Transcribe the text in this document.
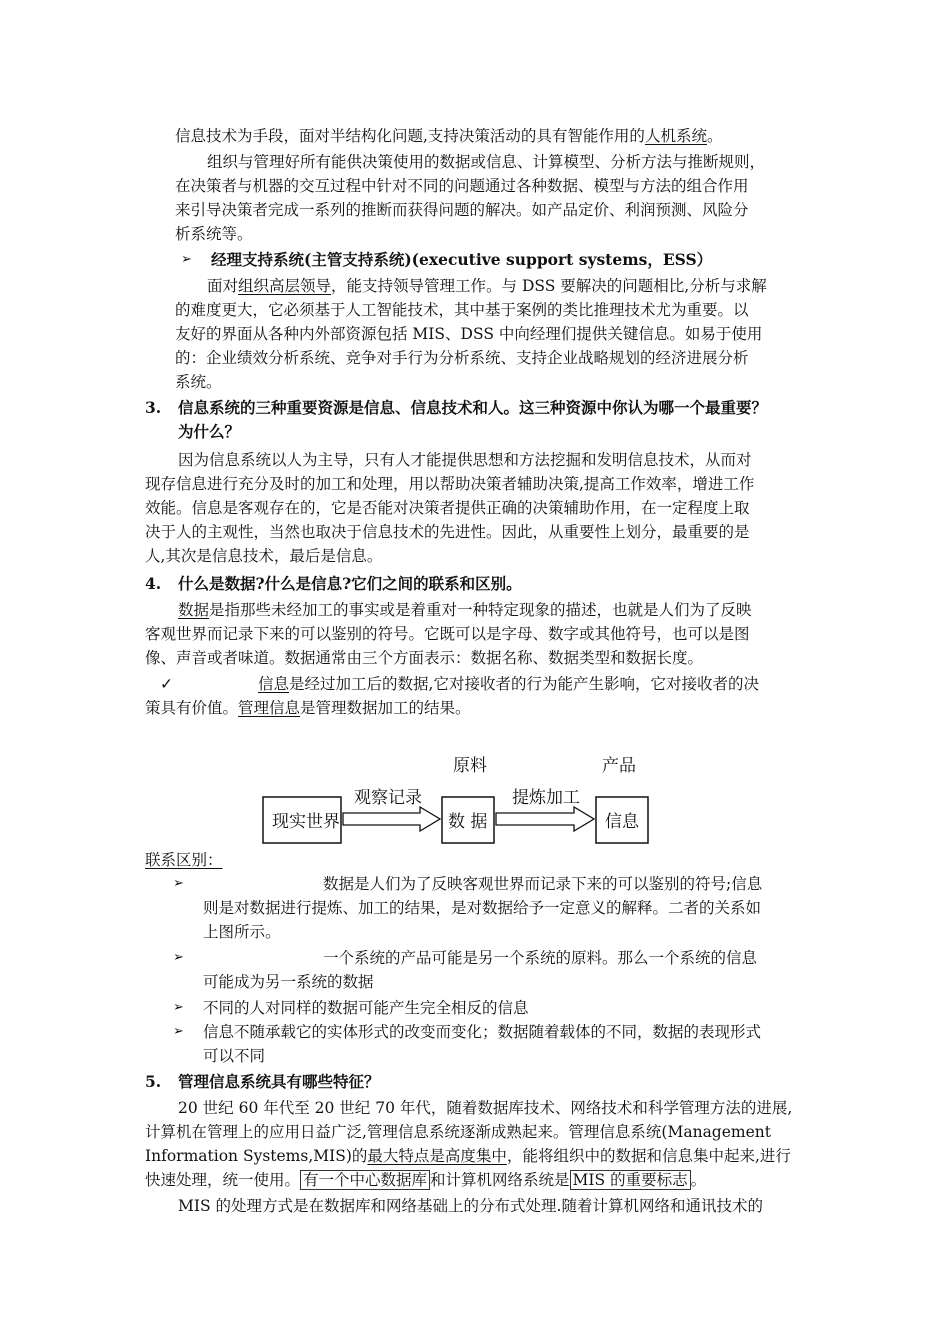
信息技术为手段，面对半结构化问题,支持决策活动的具有智能作用的人机系统。
组织与管理好所有能供决策使用的数据或信息、计算模型、分析方法与推断规则，
在决策者与机器的交互过程中针对不同的问题通过各种数据、模型与方法的组合作用
来引导决策者完成一系列的推断而获得问题的解决。如产品定价、利润预测、风险分
析系统等。
➢ 经理支持系统(主管支持系统)(executive support systems，ESS）
面对组织高层领导，能支持领导管理工作。与 DSS 要解决的问题相比,分析与求解
的难度更大，它必须基于人工智能技术，其中基于案例的类比推理技术尤为重要。以
友好的界面从各种内外部资源包括 MIS、DSS 中向经理们提供关键信息。如易于使用
的：企业绩效分析系统、竞争对手行为分析系统、支持企业战略规划的经济进展分析
系统。
3. 信息系统的三种重要资源是信息、信息技术和人。这三种资源中你认为哪一个最重要？
为什么？
因为信息系统以人为主导，只有人才能提供思想和方法挖掘和发明信息技术，从而对
现存信息进行充分及时的加工和处理，用以帮助决策者辅助决策,提高工作效率，增进工作
效能。信息是客观存在的，它是否能对决策者提供正确的决策辅助作用，在一定程度上取
决于人的主观性，当然也取决于信息技术的先进性。因此，从重要性上划分，最重要的是
人,其次是信息技术，最后是信息。
4. 什么是数据?什么是信息?它们之间的联系和区别。
数据是指那些未经加工的事实或是着重对一种特定现象的描述，也就是人们为了反映
客观世界而记录下来的可以鉴别的符号。它既可以是字母、数字或其他符号，也可以是图
像、声音或者味道。数据通常由三个方面表示：数据名称、数据类型和数据长度。
✓	信息是经过加工后的数据,它对接收者的行为能产生影响，它对接收者的决
策具有价值。管理信息是管理数据加工的结果。
原料	产品
现实世界
观察记录
数 据
提炼加工
信息
联系区别：
➢	数据是人们为了反映客观世界而记录下来的可以鉴别的符号;信息
则是对数据进行提炼、加工的结果，是对数据给予一定意义的解释。二者的关系如
上图所示。
➢	一个系统的产品可能是另一个系统的原料。那么一个系统的信息
可能成为另一系统的数据
➢ 不同的人对同样的数据可能产生完全相反的信息
➢ 信息不随承载它的实体形式的改变而变化；数据随着载体的不同，数据的表现形式
可以不同
5. 管理信息系统具有哪些特征？
20 世纪 60 年代至 20 世纪 70 年代，随着数据库技术、网络技术和科学管理方法的进展,
计算机在管理上的应用日益广泛,管理信息系统逐渐成熟起来。管理信息系统(Management
Information Systems,MIS)的最大特点是高度集中，能将组织中的数据和信息集中起来,进行
快速处理，统一使用。 有一个中心数据库 和计算机网络系统是 MIS 的重要标志 。
MIS 的处理方式是在数据库和网络基础上的分布式处理.随着计算机网络和通讯技术的
